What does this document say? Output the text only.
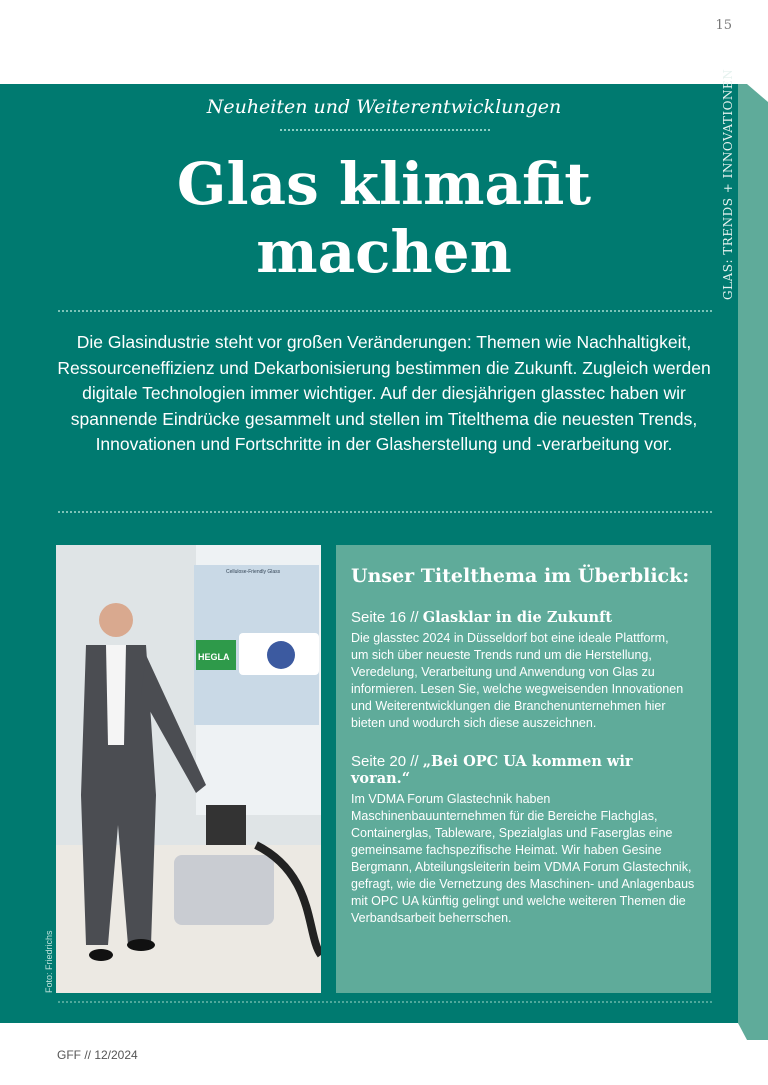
15
GLAS: TRENDS + INNOVATIONEN
Neuheiten und Weiterentwicklungen
Glas klimafit
machen

Die Glasindustrie steht vor großen Veränderungen: Themen wie Nachhaltigkeit, Ressourceneffizienz und Dekarbonisierung bestimmen die Zukunft. Zugleich werden digitale Technologien immer wichtiger. Auf der diesjährigen glasstec haben wir spannende Eindrücke gesammelt und stellen im Titelthema die neuesten Trends, Innovationen und Fortschritte in der Glasherstellung und -verarbeitung vor.

HEGLA
Cellulose-Friendly Glass
Foto: Friedrichs
Unser Titelthema im Überblick:
Seite 16 // Glasklar in die Zukunft
Die glasstec 2024 in Düsseldorf bot eine ideale Plattform,
um sich über neueste Trends rund um die Herstellung,
Veredelung, Verarbeitung und Anwendung von Glas zu
informieren. Lesen Sie, welche wegweisenden Innovationen
und Weiterentwicklungen die Branchenunternehmen hier
bieten und wodurch sich diese auszeichnen.
Seite 20 // „Bei OPC UA kommen wir voran.“
Im VDMA Forum Glastechnik haben
Maschinenbauunternehmen für die Bereiche Flachglas,
Containerglas, Tableware, Spezialglas und Faserglas eine
gemeinsame fachspezifische Heimat. Wir haben Gesine
Bergmann, Abteilungsleiterin beim VDMA Forum Glastechnik,
gefragt, wie die Vernetzung des Maschinen- und Anlagenbaus
mit OPC UA künftig gelingt und welche weiteren Themen die
Verbandsarbeit beherrschen.
GFF // 12/2024
